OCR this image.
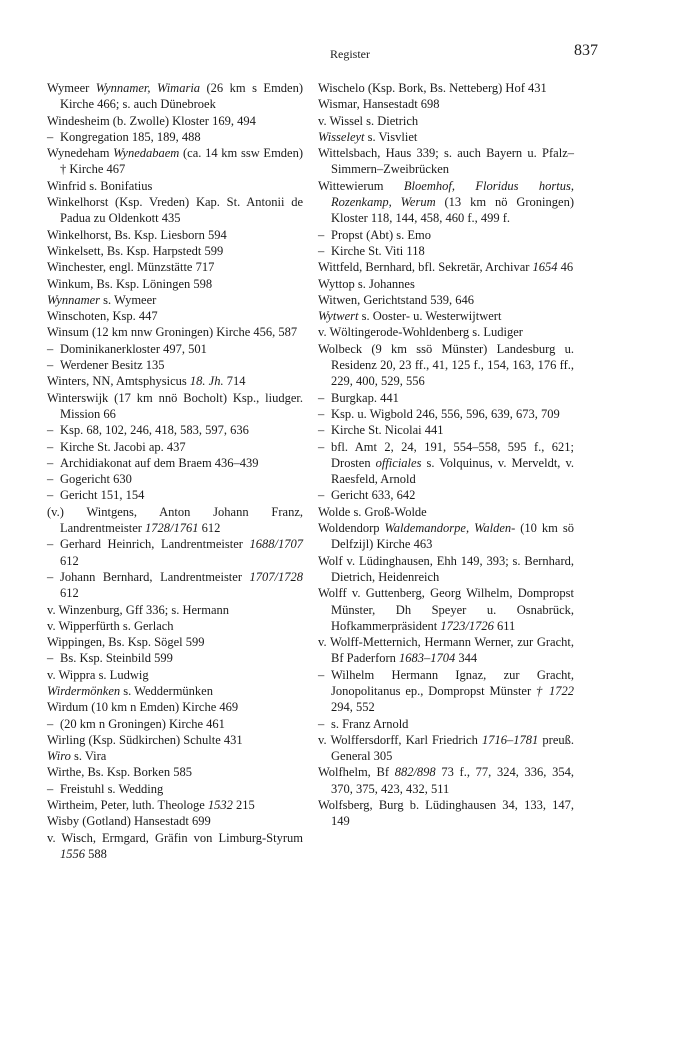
Register	837

Wymeer Wynnamer, Wimaria (26 km s Emden) Kirche 466; s. auch Dünebroek

Windesheim (b. Zwolle) Kloster 169, 494

– Kongregation 185, 189, 488

Wynedeham Wynedabaem (ca. 14 km ssw Emden) † Kirche 467

Winfrid s. Bonifatius

Winkelhorst (Ksp. Vreden) Kap. St. Antonii de Padua zu Oldenkott 435

Winkelhorst, Bs. Ksp. Liesborn 594

Winkelsett, Bs. Ksp. Harpstedt 599

Winchester, engl. Münzstätte 717

Winkum, Bs. Ksp. Löningen 598

Wynnamer s. Wymeer

Winschoten, Ksp. 447

Winsum (12 km nnw Groningen) Kirche 456, 587

– Dominikanerkloster 497, 501

– Werdener Besitz 135

Winters, NN, Amtsphysicus 18. Jh. 714

Winterswijk (17 km nnö Bocholt) Ksp., liudger. Mission 66

– Ksp. 68, 102, 246, 418, 583, 597, 636

– Kirche St. Jacobi ap. 437

– Archidiakonat auf dem Braem 436–439

– Gogericht 630

– Gericht 151, 154

(v.) Wintgens, Anton Johann Franz, Landrentmeister 1728/1761 612

– Gerhard Heinrich, Landrentmeister 1688/1707 612

– Johann Bernhard, Landrentmeister 1707/1728 612

v. Winzenburg, Gff 336; s. Hermann

v. Wipperfürth s. Gerlach

Wippingen, Bs. Ksp. Sögel 599

– Bs. Ksp. Steinbild 599

v. Wippra s. Ludwig

Wirdermönken s. Weddermünken

Wirdum (10 km n Emden) Kirche 469

– (20 km n Groningen) Kirche 461

Wirling (Ksp. Südkirchen) Schulte 431

Wiro s. Vira

Wirthe, Bs. Ksp. Borken 585

– Freistuhl s. Wedding

Wirtheim, Peter, luth. Theologe 1532 215

Wisby (Gotland) Hansestadt 699

v. Wisch, Ermgard, Gräfin von Limburg-Styrum 1556 588

Wischelo (Ksp. Bork, Bs. Netteberg) Hof 431

Wismar, Hansestadt 698

v. Wissel s. Dietrich

Wisseleyt s. Visvliet

Wittelsbach, Haus 339; s. auch Bayern u. Pfalz–Simmern–Zweibrücken

Wittewierum Bloemhof, Floridus hortus, Rozenkamp, Werum (13 km nö Groningen) Kloster 118, 144, 458, 460 f., 499 f.

– Propst (Abt) s. Emo

– Kirche St. Viti 118

Wittfeld, Bernhard, bfl. Sekretär, Archivar 1654 46

Wyttop s. Johannes

Witwen, Gerichtstand 539, 646

Wytwert s. Ooster- u. Westerwijtwert

v. Wöltingerode-Wohldenberg s. Ludiger

Wolbeck (9 km ssö Münster) Landesburg u. Residenz 20, 23 ff., 41, 125 f., 154, 163, 176 ff., 229, 400, 529, 556

– Burgkap. 441

– Ksp. u. Wigbold 246, 556, 596, 639, 673, 709

– Kirche St. Nicolai 441

– bfl. Amt 2, 24, 191, 554–558, 595 f., 621; Drosten officiales s. Volquinus, v. Merveldt, v. Raesfeld, Arnold

– Gericht 633, 642

Wolde s. Groß-Wolde

Woldendorp Waldemandorpe, Walden- (10 km sö Delfzijl) Kirche 463

Wolf v. Lüdinghausen, Ehh 149, 393; s. Bernhard, Dietrich, Heidenreich

Wolff v. Guttenberg, Georg Wilhelm, Dompropst Münster, Dh Speyer u. Osnabrück, Hofkammerpräsident 1723/1726 611

v. Wolff-Metternich, Hermann Werner, zur Gracht, Bf Paderforn 1683–1704 344

– Wilhelm Hermann Ignaz, zur Gracht, Jonopolitanus ep., Dompropst Münster † 1722 294, 552

– s. Franz Arnold

v. Wolffersdorff, Karl Friedrich 1716–1781 preuß. General 305

Wolfhelm, Bf 882/898 73 f., 77, 324, 336, 354, 370, 375, 423, 432, 511

Wolfsberg, Burg b. Lüdinghausen 34, 133, 147, 149
